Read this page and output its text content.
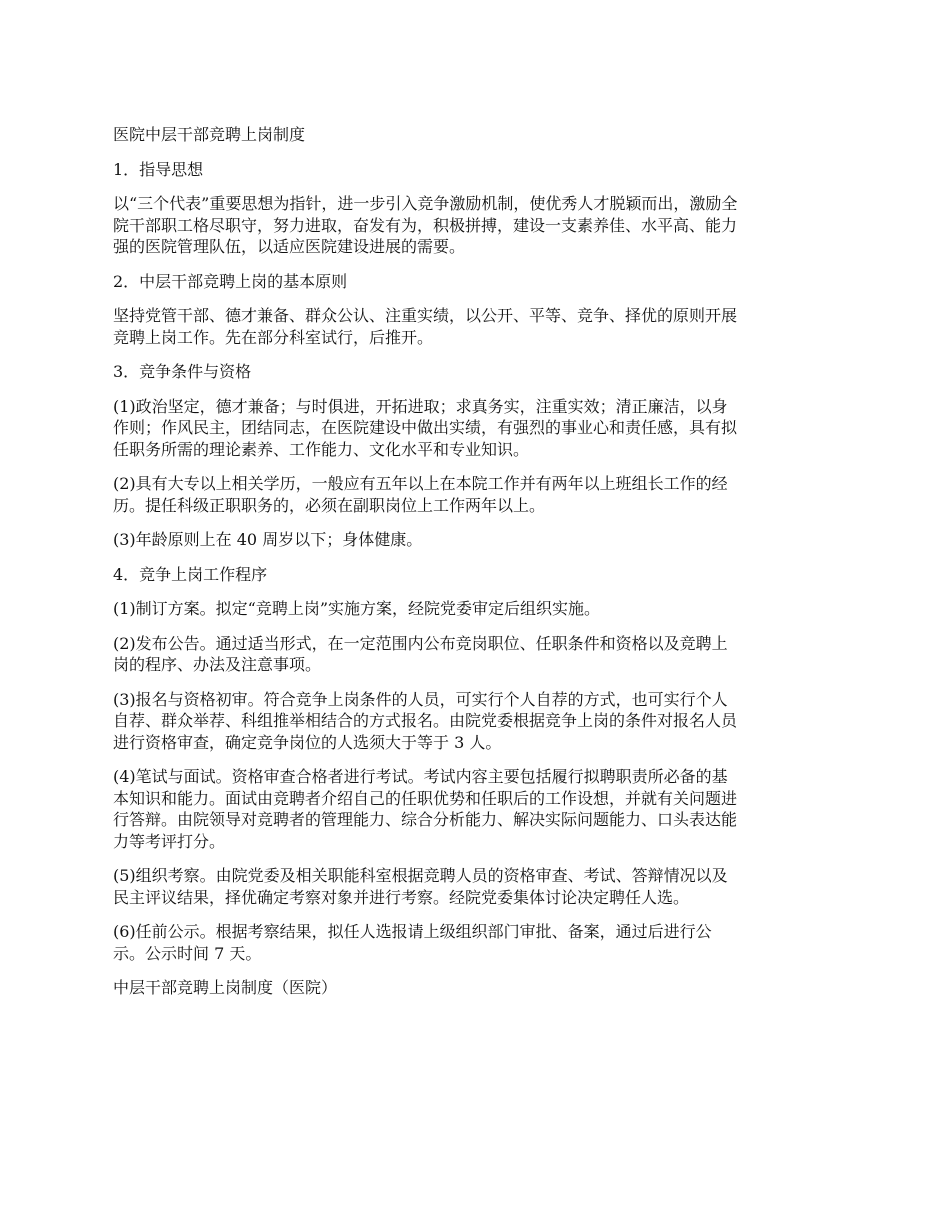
医院中层干部竞聘上岗制度

1．指导思想

以“三个代表”重要思想为指针，进一步引入竞争激励机制，使优秀人才脱颖而出，激励全
院干部职工格尽职守，努力进取，奋发有为，积极拼搏，建设一支素养佳、水平高、能力
强的医院管理队伍，以适应医院建设进展的需要。

2．中层干部竞聘上岗的基本原则

坚持党管干部、德才兼备、群众公认、注重实绩，以公开、平等、竞争、择优的原则开展
竞聘上岗工作。先在部分科室试行，后推开。

3．竞争条件与资格

(1)政治坚定，德才兼备；与时俱进，开拓进取；求真务实，注重实效；清正廉洁，以身
作则；作风民主，团结同志，在医院建设中做出实绩，有强烈的事业心和责任感，具有拟
任职务所需的理论素养、工作能力、文化水平和专业知识。

(2)具有大专以上相关学历，一般应有五年以上在本院工作并有两年以上班组长工作的经
历。提任科级正职职务的，必须在副职岗位上工作两年以上。

(3)年龄原则上在 40 周岁以下；身体健康。

4．竞争上岗工作程序

(1)制订方案。拟定“竞聘上岗”实施方案，经院党委审定后组织实施。

(2)发布公告。通过适当形式，在一定范围内公布竞岗职位、任职条件和资格以及竞聘上
岗的程序、办法及注意事项。

(3)报名与资格初审。符合竞争上岗条件的人员，可实行个人自荐的方式，也可实行个人
自荐、群众举荐、科组推举相结合的方式报名。由院党委根据竞争上岗的条件对报名人员
进行资格审查，确定竞争岗位的人选须大于等于 3 人。

(4)笔试与面试。资格审查合格者进行考试。考试内容主要包括履行拟聘职责所必备的基
本知识和能力。面试由竞聘者介绍自己的任职优势和任职后的工作设想，并就有关问题进
行答辩。由院领导对竞聘者的管理能力、综合分析能力、解决实际问题能力、口头表达能
力等考评打分。

(5)组织考察。由院党委及相关职能科室根据竞聘人员的资格审查、考试、答辩情况以及
民主评议结果，择优确定考察对象并进行考察。经院党委集体讨论决定聘任人选。

(6)任前公示。根据考察结果，拟任人选报请上级组织部门审批、备案，通过后进行公
示。公示时间 7 天。

中层干部竞聘上岗制度（医院）
